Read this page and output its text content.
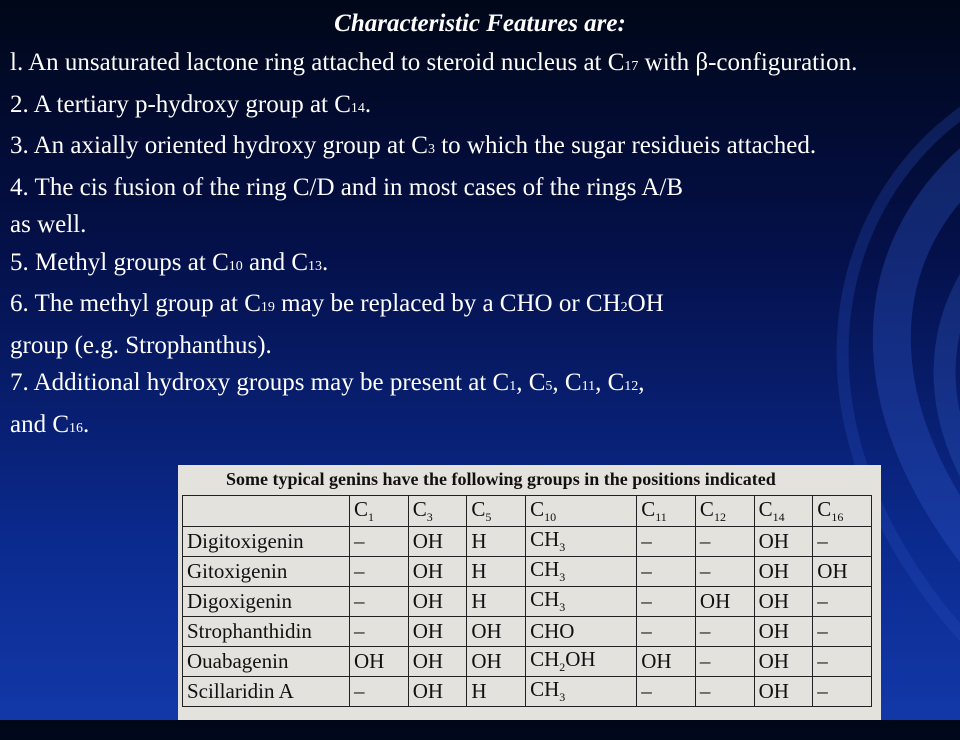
Characteristic Features are:

l. An unsaturated lactone ring attached to steroid nucleus at C17 with β-configuration.

2. A tertiary p-hydroxy group at C14.

3. An axially oriented hydroxy group at C3 to which the sugar residueis attached.

4. The cis fusion of the ring C/D and in most cases of the rings A/B

as well.

5. Methyl groups at C10 and C13.

6. The methyl group at C19 may be replaced by a CHO or CH2OH

group (e.g. Strophanthus).

7. Additional hydroxy groups may be present at C1, C5, C11, C12,

and C16.

Some typical genins have the following groups in the positions indicated
	$C_1$	$C_3$	$C_5$	$C_{10}$	$C_{11}$	$C_{12}$	$C_{14}$	$C_{16}$
Digitoxigenin	–	OH	H	$CH_3$	–	–	OH	–
Gitoxigenin	–	OH	H	$CH_3$	–	–	OH	OH
Digoxigenin	–	OH	H	$CH_3$	–	OH	OH	–
Strophanthidin	–	OH	OH	CHO	–	–	OH	–
Ouabagenin	OH	OH	OH	$CH_2OH$	OH	–	OH	–
Scillaridin A	–	OH	H	$CH_3$	–	–	OH	–
